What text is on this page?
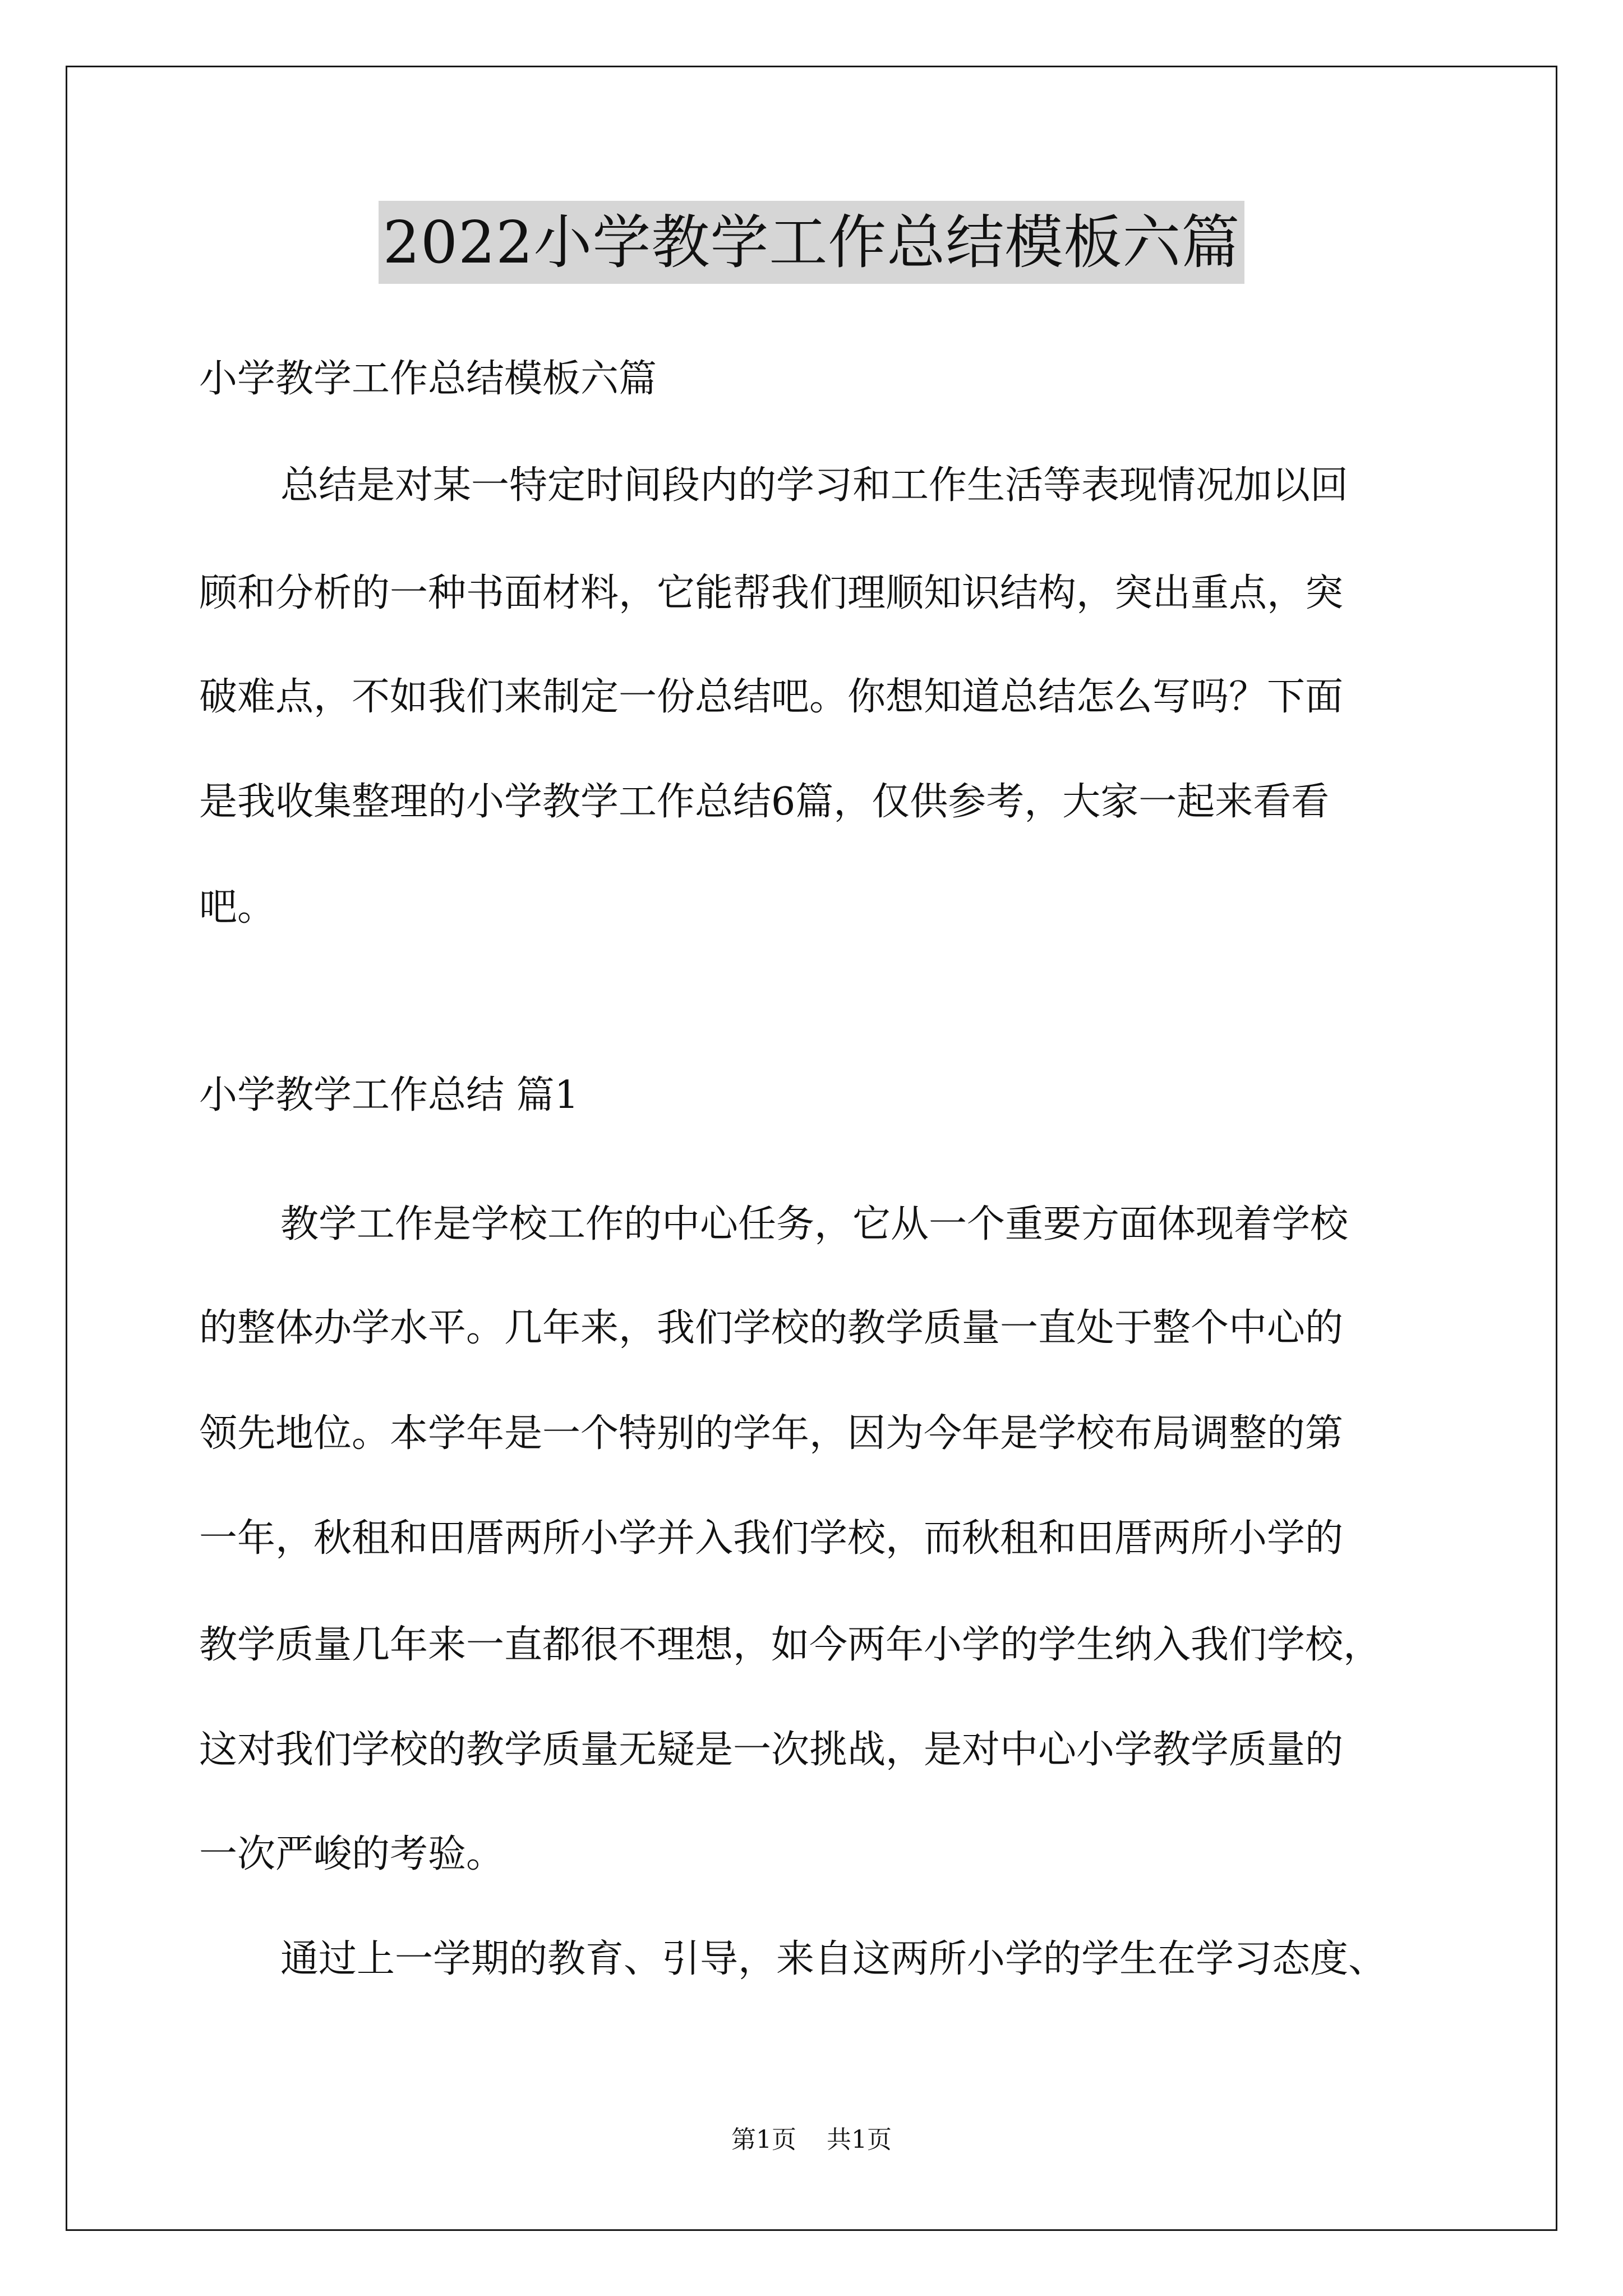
2022小学教学工作总结模板六篇
小学教学工作总结模板六篇
总结是对某一特定时间段内的学习和工作生活等表现情况加以回
顾和分析的一种书面材料，它能帮我们理顺知识结构，突出重点，突
破难点，不如我们来制定一份总结吧。你想知道总结怎么写吗？下面
是我收集整理的小学教学工作总结6篇，仅供参考，大家一起来看看
吧。
小学教学工作总结 篇1
教学工作是学校工作的中心任务，它从一个重要方面体现着学校
的整体办学水平。几年来，我们学校的教学质量一直处于整个中心的
领先地位。本学年是一个特别的学年，因为今年是学校布局调整的第
一年，秋租和田厝两所小学并入我们学校，而秋租和田厝两所小学的
教学质量几年来一直都很不理想，如今两年小学的学生纳入我们学校，
这对我们学校的教学质量无疑是一次挑战，是对中心小学教学质量的
一次严峻的考验。
通过上一学期的教育、引导，来自这两所小学的学生在学习态度、
第1页 共1页
